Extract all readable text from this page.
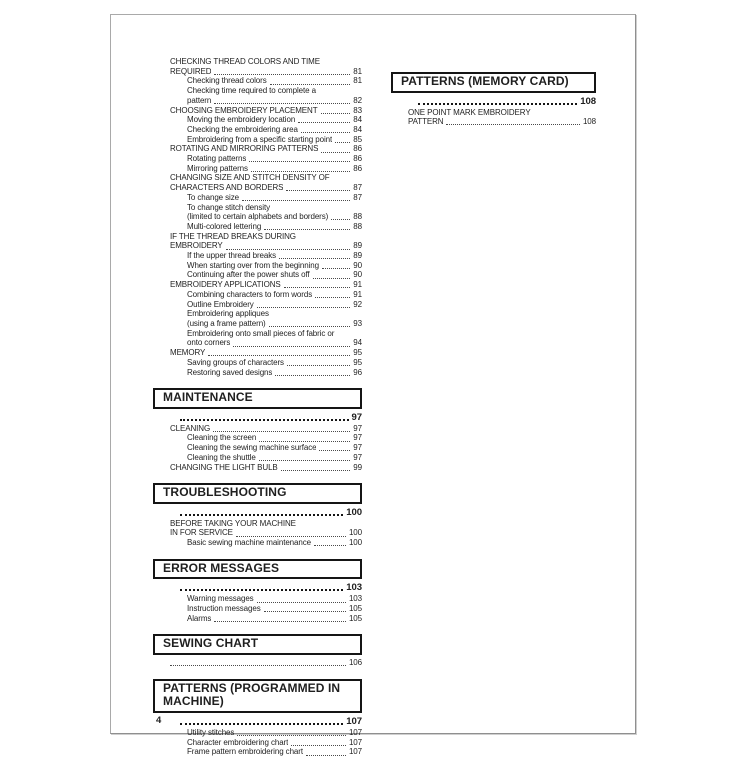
CHECKING THREAD COLORS AND TIME
REQUIRED	81
Checking thread colors	81
Checking time required to complete a
pattern	82
CHOOSING EMBROIDERY PLACEMENT	83
Moving the embroidery location	84
Checking the embroidering area	84
Embroidering from a specific starting point	85
ROTATING AND MIRRORING PATTERNS	86
Rotating patterns	86
Mirroring patterns	86
CHANGING SIZE AND STITCH DENSITY OF
CHARACTERS AND BORDERS	87
To change size	87
To change stitch density
(limited to certain alphabets and borders)	88
Multi-colored lettering	88
IF THE THREAD BREAKS DURING
EMBROIDERY	89
If the upper thread breaks	89
When starting over from the beginning	90
Continuing after the power shuts off	90
EMBROIDERY APPLICATIONS	91
Combining characters to form words	91
Outline Embroidery	92
Embroidering appliques
(using a frame pattern)	93
Embroidering onto small pieces of fabric or
onto corners	94
MEMORY	95
Saving groups of characters	95
Restoring saved designs	96
MAINTENANCE
97
CLEANING	97
Cleaning the screen	97
Cleaning the sewing machine surface	97
Cleaning the shuttle	97
CHANGING THE LIGHT BULB	99
TROUBLESHOOTING
100
BEFORE TAKING YOUR MACHINE
IN FOR SERVICE	100
Basic sewing machine maintenance	100
ERROR MESSAGES
103
Warning messages	103
Instruction messages	105
Alarms	105
SEWING CHART
106
PATTERNS (PROGRAMMED IN
MACHINE)
107
Utility stitches	107
Character embroidering chart	107
Frame pattern embroidering chart	107
PATTERNS (MEMORY CARD)
108
ONE POINT MARK EMBROIDERY
PATTERN	108
4
